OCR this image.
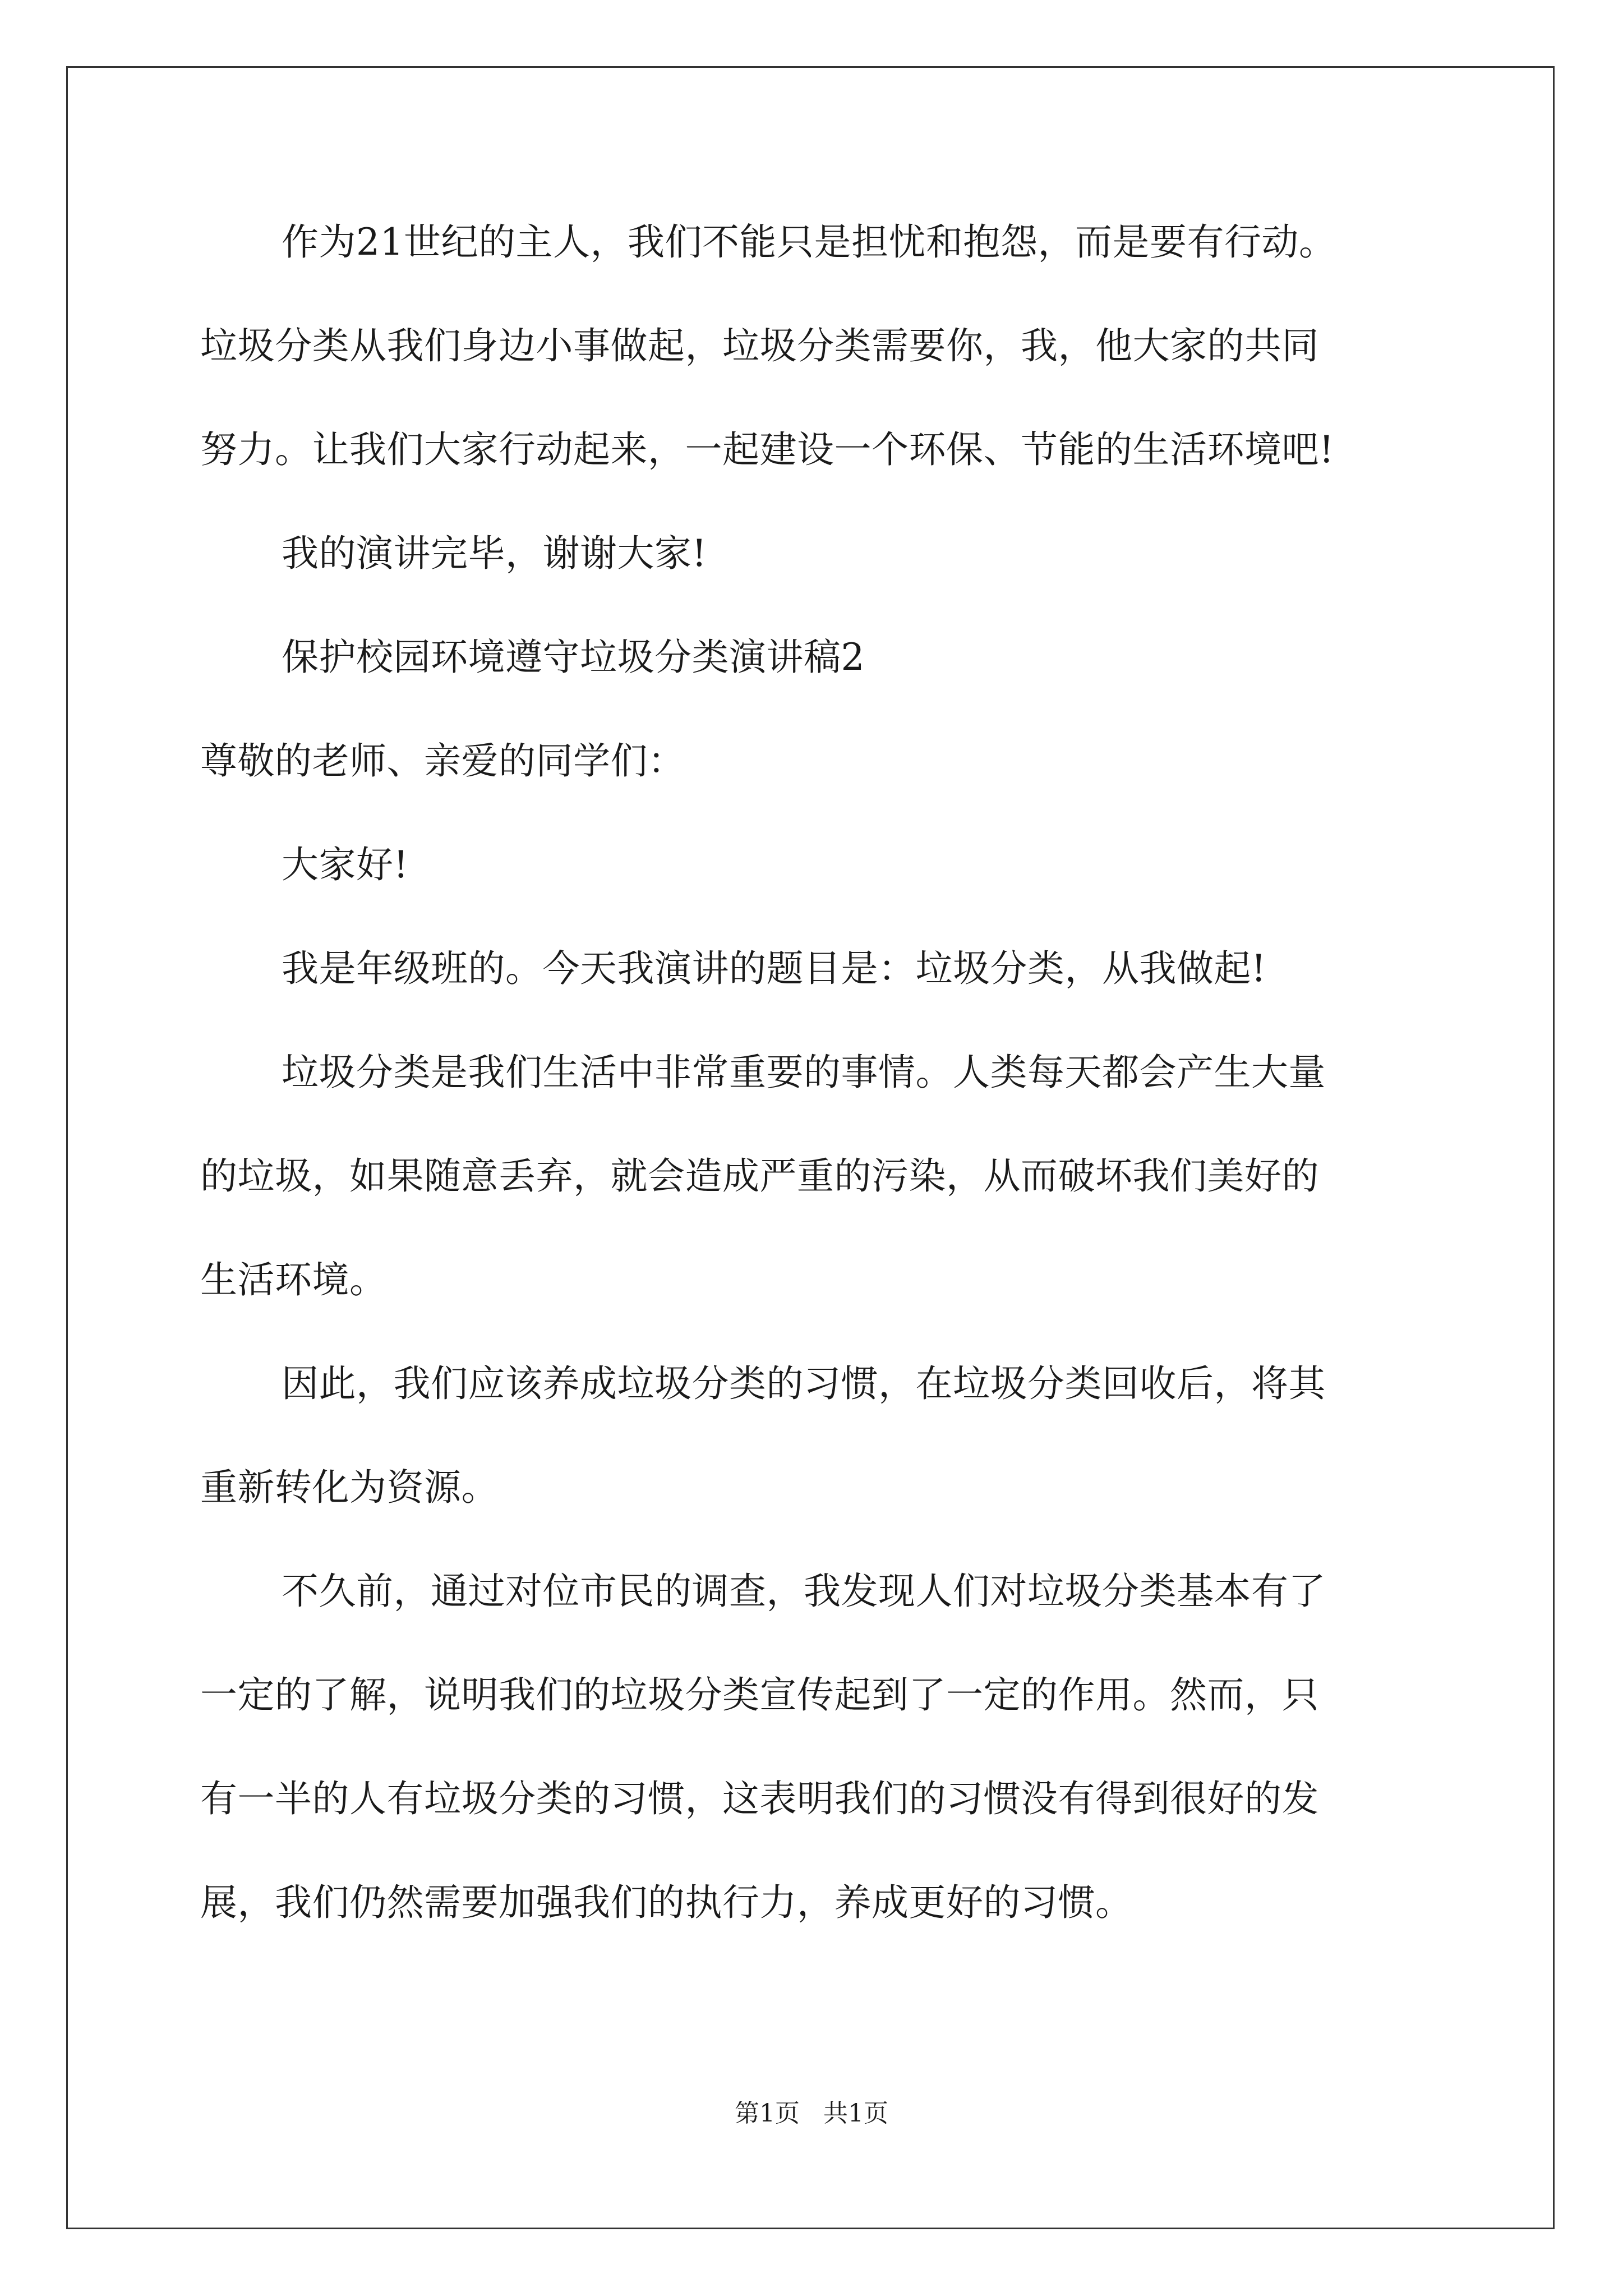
作为21世纪的主人，我们不能只是担忧和抱怨，而是要有行动。
垃圾分类从我们身边小事做起，垃圾分类需要你，我，他大家的共同
努力。让我们大家行动起来，一起建设一个环保、节能的生活环境吧!
我的演讲完毕，谢谢大家!
保护校园环境遵守垃圾分类演讲稿2
尊敬的老师、亲爱的同学们：
大家好!
我是年级班的。今天我演讲的题目是：垃圾分类，从我做起!
垃圾分类是我们生活中非常重要的事情。人类每天都会产生大量
的垃圾，如果随意丢弃，就会造成严重的污染，从而破坏我们美好的
生活环境。
因此，我们应该养成垃圾分类的习惯，在垃圾分类回收后，将其
重新转化为资源。
不久前，通过对位市民的调查，我发现人们对垃圾分类基本有了
一定的了解，说明我们的垃圾分类宣传起到了一定的作用。然而，只
有一半的人有垃圾分类的习惯，这表明我们的习惯没有得到很好的发
展，我们仍然需要加强我们的执行力，养成更好的习惯。
第1页   共1页
